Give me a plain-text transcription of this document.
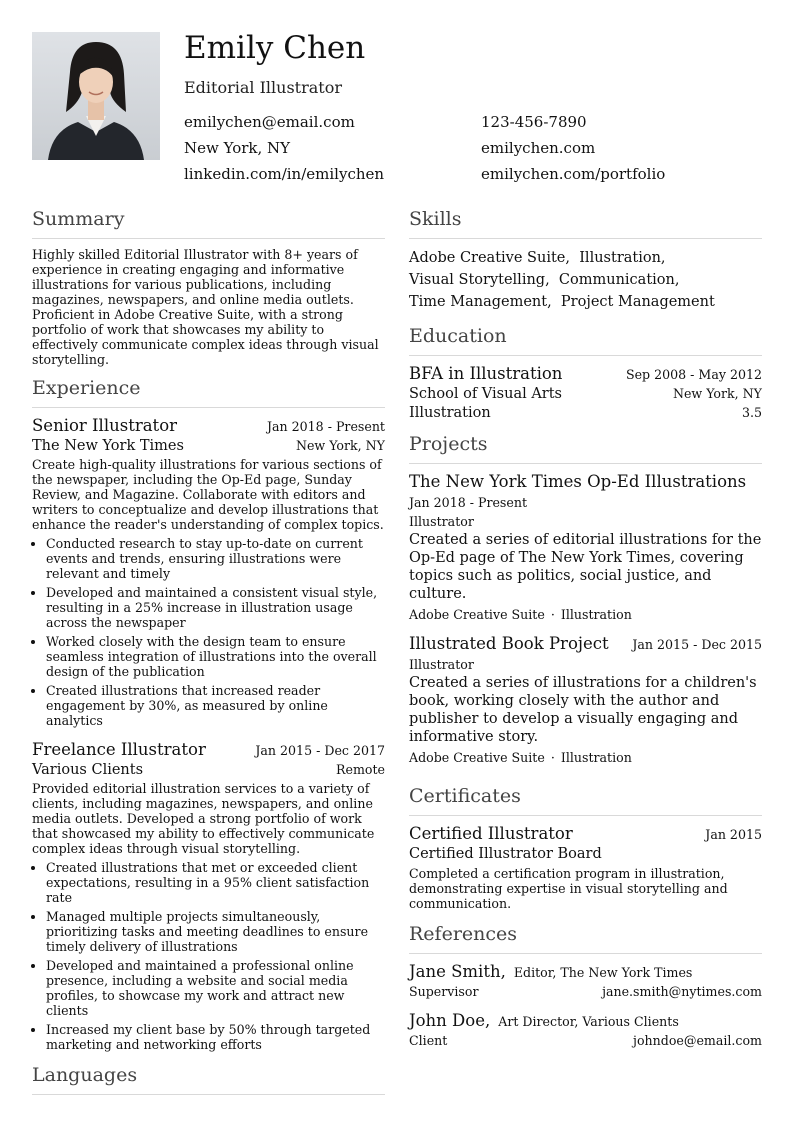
Emily Chen
Editorial Illustrator
emilychen@email.com	123-456-7890
New York, NY	emilychen.com
linkedin.com/in/emilychen	emilychen.com/portfolio
Summary

Highly skilled Editorial Illustrator with 8+ years of experience in creating engaging and informative illustrations for various publications, including magazines, newspapers, and online media outlets. Proficient in Adobe Creative Suite, with a strong portfolio of work that showcases my ability to effectively communicate complex ideas through visual storytelling.

Experience
Senior Illustrator	Jan 2018 - Present
The New York Times	New York, NY

Create high-quality illustrations for various sections of the newspaper, including the Op-Ed page, Sunday Review, and Magazine. Collaborate with editors and writers to conceptualize and develop illustrations that enhance the reader's understanding of complex topics.

• Conducted research to stay up-to-date on current events and trends, ensuring illustrations were relevant and timely
• Developed and maintained a consistent visual style, resulting in a 25% increase in illustration usage across the newspaper
• Worked closely with the design team to ensure seamless integration of illustrations into the overall design of the publication
• Created illustrations that increased reader engagement by 30%, as measured by online analytics
Freelance Illustrator	Jan 2015 - Dec 2017
Various Clients	Remote

Provided editorial illustration services to a variety of clients, including magazines, newspapers, and online media outlets. Developed a strong portfolio of work that showcased my ability to effectively communicate complex ideas through visual storytelling.

• Created illustrations that met or exceeded client expectations, resulting in a 95% client satisfaction rate
• Managed multiple projects simultaneously, prioritizing tasks and meeting deadlines to ensure timely delivery of illustrations
• Developed and maintained a professional online presence, including a website and social media profiles, to showcase my work and attract new clients
• Increased my client base by 50% through targeted marketing and networking efforts
Languages
Skills
Adobe Creative Suite,  Illustration,
Visual Storytelling,  Communication,
Time Management,  Project Management
Education
BFA in Illustration	Sep 2008 - May 2012
School of Visual Arts	New York, NY
Illustration	3.5
Projects
The New York Times Op-Ed Illustrations
Jan 2018 - Present
Illustrator

Created a series of editorial illustrations for the Op-Ed page of The New York Times, covering topics such as politics, social justice, and culture.

Adobe Creative Suite · Illustration
Illustrated Book Project Jan 2015 - Dec 2015
Illustrator

Created a series of illustrations for a children's book, working closely with the author and publisher to develop a visually engaging and informative story.

Adobe Creative Suite · Illustration
Certificates
Certified Illustrator	Jan 2015
Certified Illustrator Board

Completed a certification program in illustration, demonstrating expertise in visual storytelling and communication.

References
Jane Smith, Editor, The New York Times
Supervisor	jane.smith@nytimes.com
John Doe, Art Director, Various Clients
Client	johndoe@email.com
